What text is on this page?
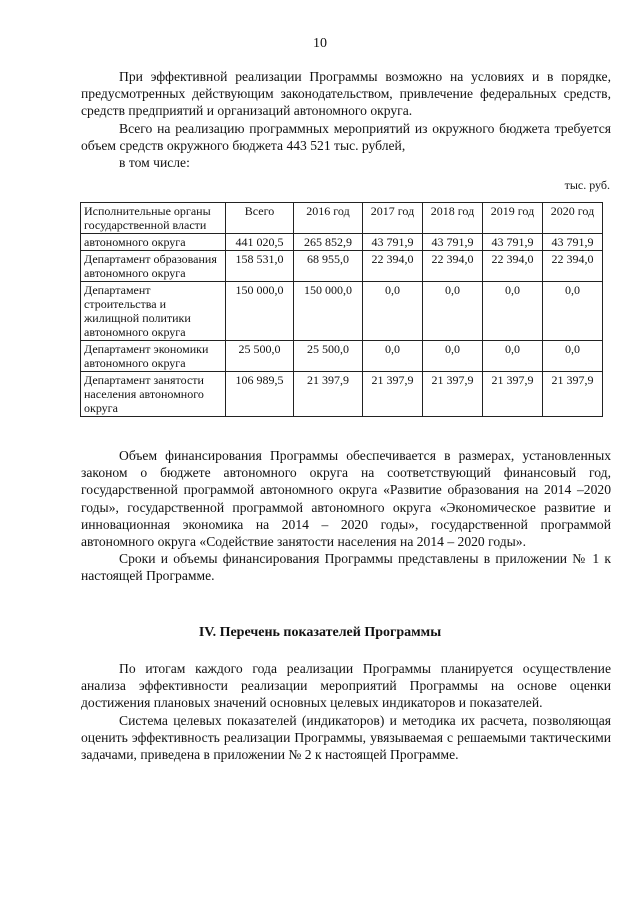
10

При эффективной реализации Программы возможно на условиях и в порядке, предусмотренных действующим законодательством, привлечение федеральных средств, средств предприятий и организаций автономного округа.

Всего на реализацию программных мероприятий из окружного бюджета требуется объем средств окружного бюджета 443 521 тыс. рублей,

в том числе:

тыс. руб.
Исполнительные органы государственной власти	Всего	2016 год	2017 год	2018 год	2019 год	2020 год
автономного округа	441 020,5	265 852,9	43 791,9	43 791,9	43 791,9	43 791,9
Департамент образования автономного округа	158 531,0	68 955,0	22 394,0	22 394,0	22 394,0	22 394,0
Департамент строительства и жилищной политики автономного округа	150 000,0	150 000,0	0,0	0,0	0,0	0,0
Департамент экономики автономного округа	25 500,0	25 500,0	0,0	0,0	0,0	0,0
Департамент занятости населения автономного округа	106 989,5	21 397,9	21 397,9	21 397,9	21 397,9	21 397,9

Объем финансирования Программы обеспечивается в размерах, установленных законом о бюджете автономного округа на соответствующий финансовый год, государственной программой автономного округа «Развитие образования на 2014 –2020 годы», государственной программой автономного округа «Экономическое развитие и инновационная экономика на 2014 – 2020 годы», государственной программой автономного округа «Содействие занятости населения на 2014 – 2020 годы».

Сроки и объемы финансирования Программы представлены в приложении № 1 к настоящей Программе.

IV. Перечень показателей Программы

По итогам каждого года реализации Программы планируется осуществление анализа эффективности реализации мероприятий Программы на основе оценки достижения плановых значений основных целевых индикаторов и показателей.

Система целевых показателей (индикаторов) и методика их расчета, позволяющая оценить эффективность реализации Программы, увязываемая с решаемыми тактическими задачами, приведена в приложении № 2 к настоящей Программе.
